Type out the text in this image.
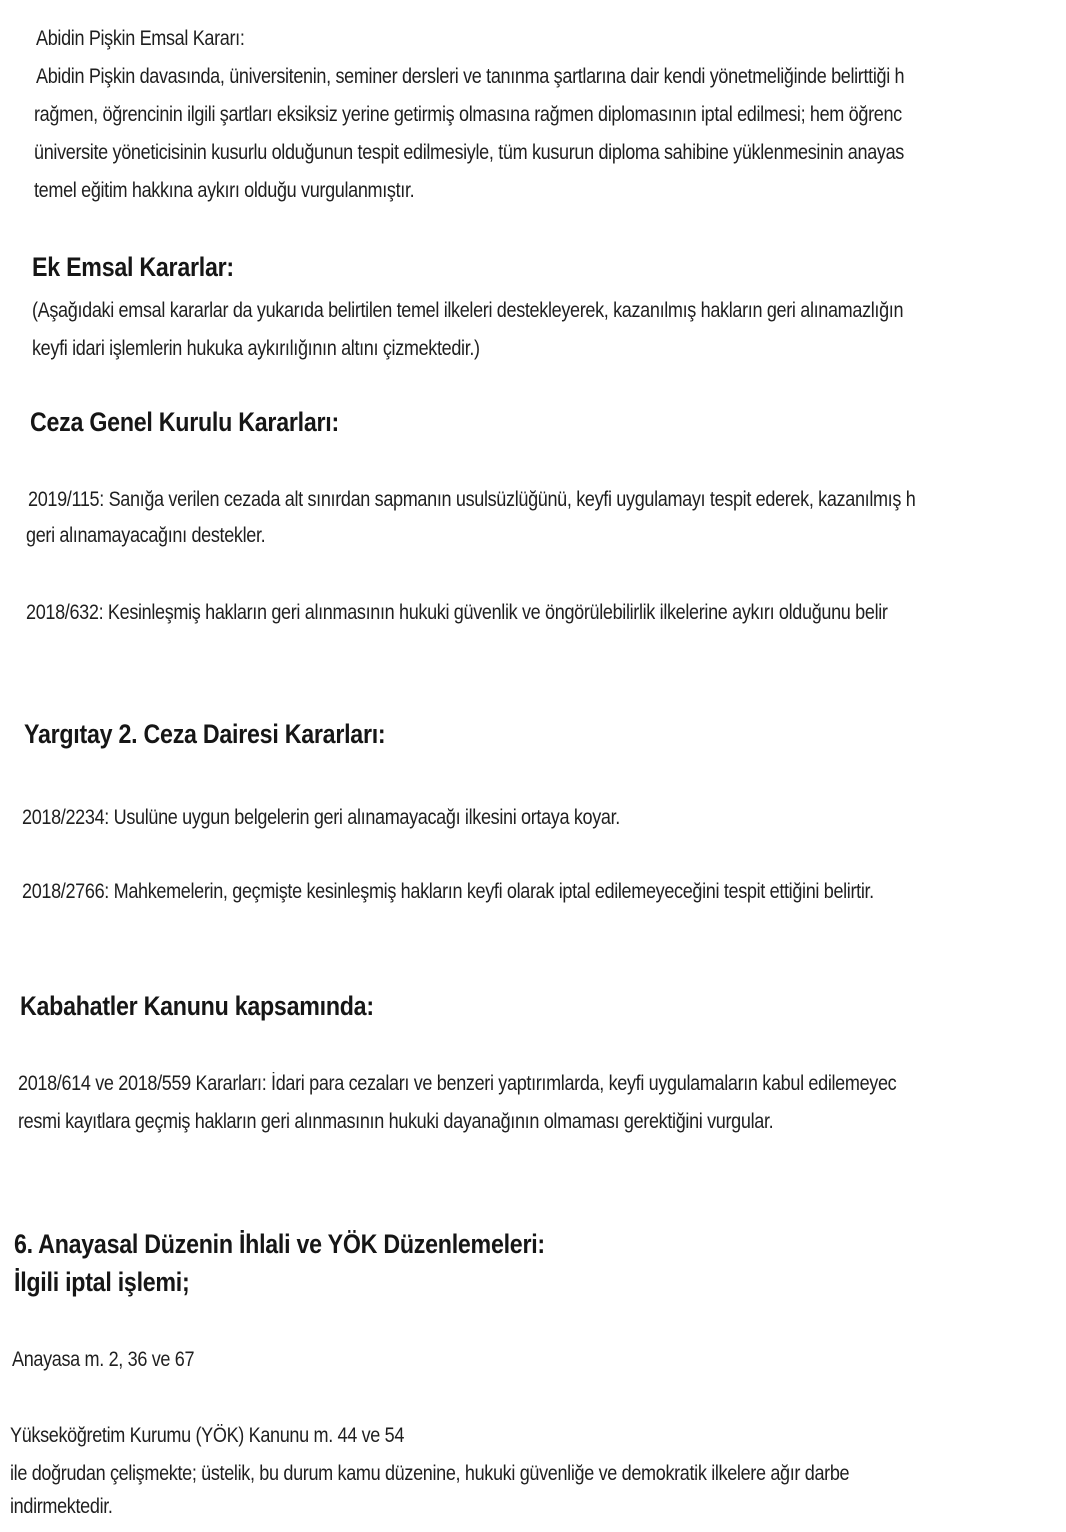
Abidin Pişkin Emsal Kararı:
Abidin Pişkin davasında, üniversitenin, seminer dersleri ve tanınma şartlarına dair kendi yönetmeliğinde belirttiği h
rağmen, öğrencinin ilgili şartları eksiksiz yerine getirmiş olmasına rağmen diplomasının iptal edilmesi; hem öğrenc
üniversite yöneticisinin kusurlu olduğunun tespit edilmesiyle, tüm kusurun diploma sahibine yüklenmesinin anayas
temel eğitim hakkına aykırı olduğu vurgulanmıştır.
Ek Emsal Kararlar:
(Aşağıdaki emsal kararlar da yukarıda belirtilen temel ilkeleri destekleyerek, kazanılmış hakların geri alınamazlığın
keyfi idari işlemlerin hukuka aykırılığının altını çizmektedir.)
Ceza Genel Kurulu Kararları:
2019/115: Sanığa verilen cezada alt sınırdan sapmanın usulsüzlüğünü, keyfi uygulamayı tespit ederek, kazanılmış h
geri alınamayacağını destekler.
2018/632: Kesinleşmiş hakların geri alınmasının hukuki güvenlik ve öngörülebilirlik ilkelerine aykırı olduğunu belir
Yargıtay 2. Ceza Dairesi Kararları:
2018/2234: Usulüne uygun belgelerin geri alınamayacağı ilkesini ortaya koyar.
2018/2766: Mahkemelerin, geçmişte kesinleşmiş hakların keyfi olarak iptal edilemeyeceğini tespit ettiğini belirtir.
Kabahatler Kanunu kapsamında:
2018/614 ve 2018/559 Kararları: İdari para cezaları ve benzeri yaptırımlarda, keyfi uygulamaların kabul edilemeyec
resmi kayıtlara geçmiş hakların geri alınmasının hukuki dayanağının olmaması gerektiğini vurgular.
6. Anayasal Düzenin İhlali ve YÖK Düzenlemeleri:
İlgili iptal işlemi;
Anayasa m. 2, 36 ve 67
Yükseköğretim Kurumu (YÖK) Kanunu m. 44 ve 54
ile doğrudan çelişmekte; üstelik, bu durum kamu düzenine, hukuki güvenliğe ve demokratik ilkelere ağır darbe
indirmektedir.
